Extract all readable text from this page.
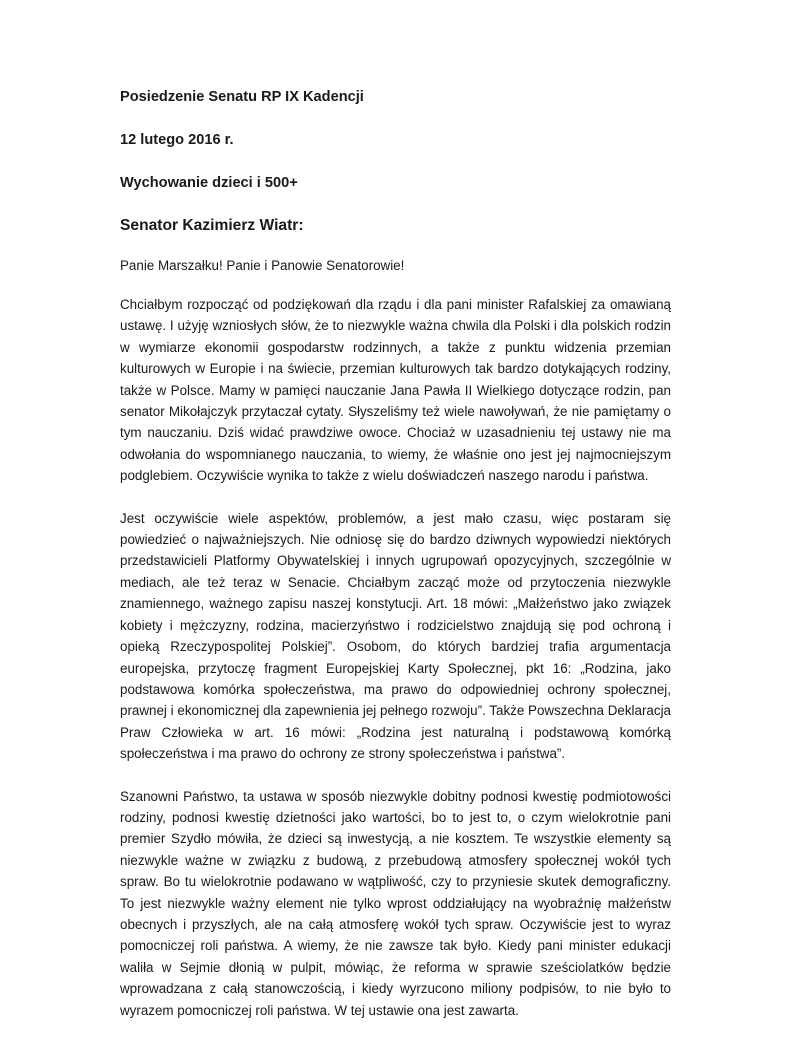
Posiedzenie Senatu RP IX Kadencji
12 lutego 2016 r.
Wychowanie dzieci i 500+
Senator Kazimierz Wiatr:
Panie Marszałku! Panie i Panowie Senatorowie!

Chciałbym rozpocząć od podziękowań dla rządu i dla pani minister Rafalskiej za omawianą ustawę. I użyję wzniosłych słów, że to niezwykle ważna chwila dla Polski i dla polskich rodzin w wymiarze ekonomii gospodarstw rodzinnych, a także z punktu widzenia przemian kulturowych w Europie i na świecie, przemian kulturowych tak bardzo dotykających rodziny, także w Polsce. Mamy w pamięci nauczanie Jana Pawła II Wielkiego dotyczące rodzin, pan senator Mikołajczyk przytaczał cytaty. Słyszeliśmy też wiele nawoływań, że nie pamiętamy o tym nauczaniu. Dziś widać prawdziwe owoce. Chociaż w uzasadnieniu tej ustawy nie ma odwołania do wspomnianego nauczania, to wiemy, że właśnie ono jest jej najmocniejszym podglebiem. Oczywiście wynika to także z wielu doświadczeń naszego narodu i państwa.

Jest oczywiście wiele aspektów, problemów, a jest mało czasu, więc postaram się powiedzieć o najważniejszych. Nie odniosę się do bardzo dziwnych wypowiedzi niektórych przedstawicieli Platformy Obywatelskiej i innych ugrupowań opozycyjnych, szczególnie w mediach, ale też teraz w Senacie. Chciałbym zacząć może od przytoczenia niezwykle znamiennego, ważnego zapisu naszej konstytucji. Art. 18 mówi: „Małżeństwo jako związek kobiety i mężczyzny, rodzina, macierzyństwo i rodzicielstwo znajdują się pod ochroną i opieką Rzeczypospolitej Polskiej”. Osobom, do których bardziej trafia argumentacja europejska, przytoczę fragment Europejskiej Karty Społecznej, pkt 16: „Rodzina, jako podstawowa komórka społeczeństwa, ma prawo do odpowiedniej ochrony społecznej, prawnej i ekonomicznej dla zapewnienia jej pełnego rozwoju”. Także Powszechna Deklaracja Praw Człowieka w art. 16 mówi: „Rodzina jest naturalną i podstawową komórką społeczeństwa i ma prawo do ochrony ze strony społeczeństwa i państwa”.

Szanowni Państwo, ta ustawa w sposób niezwykle dobitny podnosi kwestię podmiotowości rodziny, podnosi kwestię dzietności jako wartości, bo to jest to, o czym wielokrotnie pani premier Szydło mówiła, że dzieci są inwestycją, a nie kosztem. Te wszystkie elementy są niezwykle ważne w związku z budową, z przebudową atmosfery społecznej wokół tych spraw. Bo tu wielokrotnie podawano w wątpliwość, czy to przyniesie skutek demograficzny. To jest niezwykle ważny element nie tylko wprost oddziałujący na wyobraźnię małżeństw obecnych i przyszłych, ale na całą atmosferę wokół tych spraw. Oczywiście jest to wyraz pomocniczej roli państwa. A wiemy, że nie zawsze tak było. Kiedy pani minister edukacji waliła w Sejmie dłonią w pulpit, mówiąc, że reforma w sprawie sześciolatków będzie wprowadzana z całą stanowczością, i kiedy wyrzucono miliony podpisów, to nie było to wyrazem pomocniczej roli państwa. W tej ustawie ona jest zawarta.
